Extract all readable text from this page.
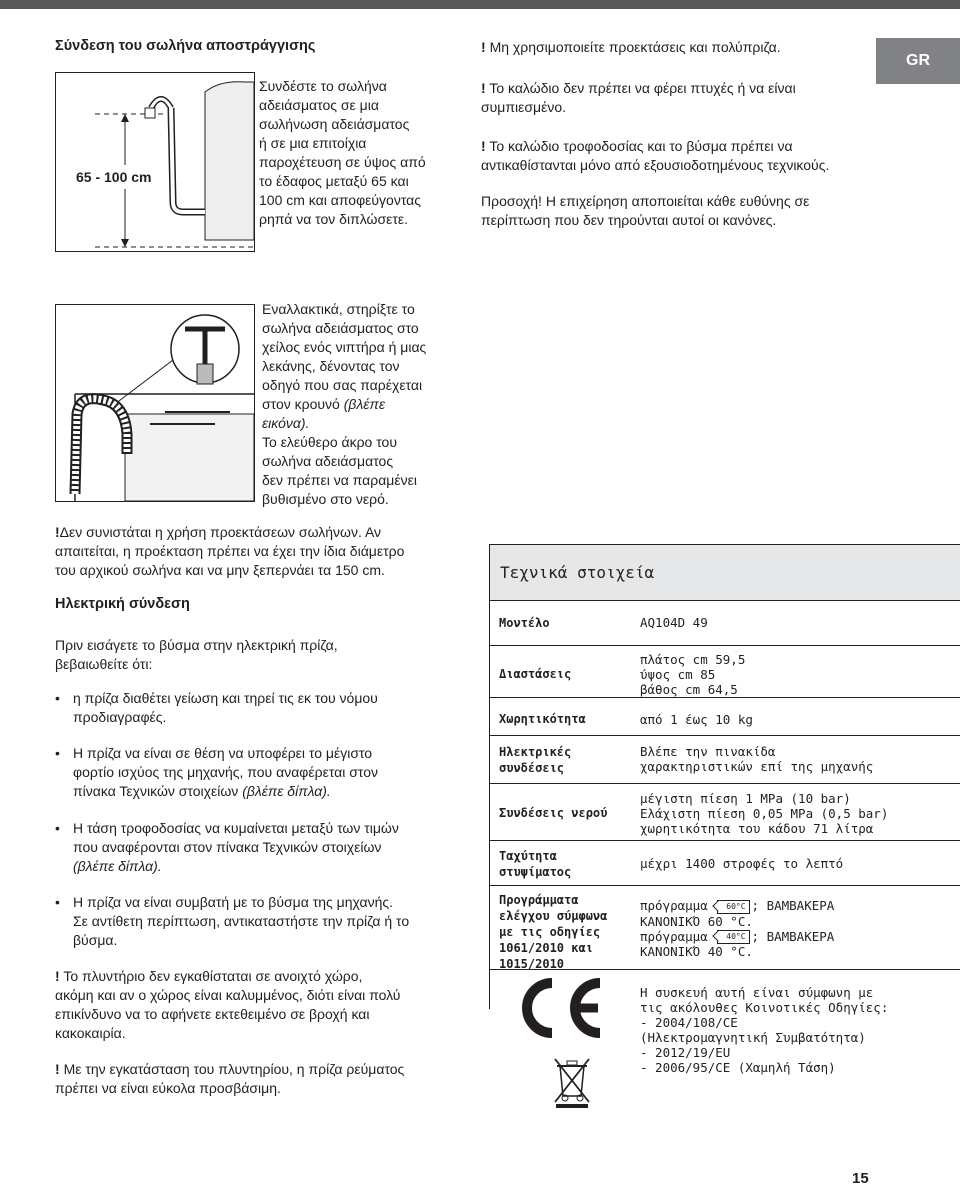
GR
Σύνδεση του σωλήνα αποστράγγισης
65 - 100 cm
Συνδέστε το σωλήνα
αδειάσματος σε μια
σωλήνωση αδειάσματος
ή σε μια επιτοίχια
παροχέτευση σε ύψος από
το έδαφος μεταξύ 65 και
100 cm και αποφεύγοντας
ρηπά να τον διπλώσετε.
! Μη χρησιμοποιείτε προεκτάσεις και πολύπριζα.
! Το καλώδιο δεν πρέπει να φέρει πτυχές ή να είναι
συμπιεσμένο.
! Το καλώδιο τροφοδοσίας και το βύσμα πρέπει να
αντικαθίστανται μόνο από εξουσιοδοτημένους τεχνικούς.
Προσοχή! Η επιχείρηση αποποιείται κάθε ευθύνης σε
περίπτωση που δεν τηρούνται αυτοί οι κανόνες.
Εναλλακτικά, στηρίξτε το
σωλήνα αδειάσματος στο
χείλος ενός νιπτήρα ή μιας
λεκάνης, δένοντας τον
οδηγό που σας παρέχεται
στον κρουνό (βλέπε
εικόνα).
Το ελεύθερο άκρο του
σωλήνα αδειάσματος
δεν πρέπει να παραμένει
βυθισμένο στο νερό.
!Δεν συνιστάται η χρήση προεκτάσεων σωλήνων. Αν
απαιτείται, η προέκταση πρέπει να έχει την ίδια διάμετρο
του αρχικού σωλήνα και να μην ξεπερνάει τα 150 cm.
Ηλεκτρική σύνδεση
Πριν εισάγετε το βύσμα στην ηλεκτρική πρίζα,
βεβαιωθείτε ότι:
• η πρίζα διαθέτει γείωση και τηρεί τις εκ του νόμου
προδιαγραφές.
• Η πρίζα να είναι σε θέση να υποφέρει το μέγιστο
φορτίο ισχύος της μηχανής, που αναφέρεται στον
πίνακα Τεχνικών στοιχείων (βλέπε δίπλα).
• Η τάση τροφοδοσίας να κυμαίνεται μεταξύ των τιμών
που αναφέρονται στον πίνακα Τεχνικών στοιχείων
(βλέπε δίπλα).
• Η πρίζα να είναι συμβατή με το βύσμα της μηχανής.
Σε αντίθετη περίπτωση, αντικαταστήστε την πρίζα ή το
βύσμα.
! Το πλυντήριο δεν εγκαθίσταται σε ανοιχτό χώρο,
ακόμη και αν ο χώρος είναι καλυμμένος, διότι είναι πολύ
επικίνδυνο να το αφήνετε εκτεθειμένο σε βροχή και
κακοκαιρία.
! Με την εγκατάσταση του πλυντηρίου, η πρίζα ρεύματος
πρέπει να είναι εύκολα προσβάσιμη.
Τεχνικά στοιχεία
Μοντέλο	AQ104D 49
Διαστάσεις
πλάτος cm 59,5
ύψος cm 85
βάθος cm 64,5
Χωρητικότητα	από 1 έως 10 kg
Ηλεκτρικές
συνδέσεις
Βλέπε την πινακίδα
χαρακτηριστικών επί της μηχανής
Συνδέσεις νερού
μέγιστη πίεση 1 MPa (10 bar)
Ελάχιστη πίεση 0,05 MPa (0,5 bar)
χωρητικότητα του κάδου 71 λίτρα
Ταχύτητα
στυψίματος
μέχρι 1400 στροφές το λεπτό
Προγράμματα
ελέγχου σύμφωνα
με τις οδηγίες
1061/2010 και
1015/2010
πρόγραμμα 60°C ; ΒΑΜΒΑΚΕΡΑ
ΚΑΝΟΝΙΚΌ 60 °C.
πρόγραμμα 40°C ; ΒΑΜΒΑΚΕΡΑ
ΚΑΝΟΝΙΚΌ 40 °C.
Η συσκευή αυτή είναι σύμφωνη με
τις ακόλουθες Κοινοτικές Οδηγίες:
- 2004/108/CE
(Ηλεκτρομαγνητική Συμβατότητα)
- 2012/19/EU
- 2006/95/CE (Χαμηλή Τάση)
15
